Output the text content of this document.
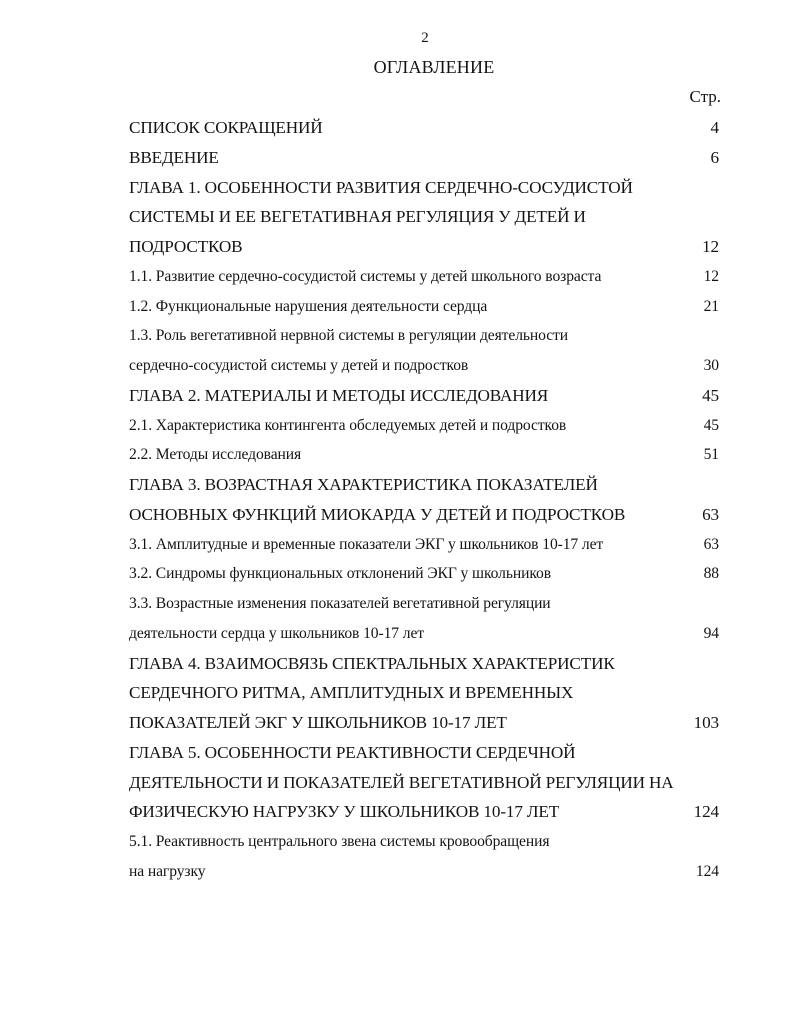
2
ОГЛАВЛЕНИЕ
Стр.
СПИСОК СОКРАЩЕНИЙ	4
ВВЕДЕНИЕ	6
ГЛАВА 1. ОСОБЕННОСТИ РАЗВИТИЯ СЕРДЕЧНО-СОСУДИСТОЙ
СИСТЕМЫ И ЕЕ ВЕГЕТАТИВНАЯ РЕГУЛЯЦИЯ У ДЕТЕЙ И
ПОДРОСТКОВ	12
1.1. Развитие сердечно-сосудистой системы у детей школьного возраста	12
1.2. Функциональные нарушения деятельности сердца	21
1.3. Роль вегетативной нервной системы в регуляции деятельности
сердечно-сосудистой системы у детей и подростков	30
ГЛАВА 2. МАТЕРИАЛЫ И МЕТОДЫ ИССЛЕДОВАНИЯ	45
2.1. Характеристика контингента обследуемых детей и подростков	45
2.2. Методы исследования	51
ГЛАВА 3. ВОЗРАСТНАЯ ХАРАКТЕРИСТИКА ПОКАЗАТЕЛЕЙ
ОСНОВНЫХ ФУНКЦИЙ МИОКАРДА У ДЕТЕЙ И ПОДРОСТКОВ	63
3.1. Амплитудные и временные показатели ЭКГ у школьников 10-17 лет	63
3.2. Синдромы функциональных отклонений ЭКГ у школьников	88
3.3. Возрастные изменения показателей вегетативной регуляции
деятельности сердца у школьников 10-17 лет	94
ГЛАВА 4. ВЗАИМОСВЯЗЬ СПЕКТРАЛЬНЫХ ХАРАКТЕРИСТИК
СЕРДЕЧНОГО РИТМА, АМПЛИТУДНЫХ И ВРЕМЕННЫХ
ПОКАЗАТЕЛЕЙ ЭКГ У ШКОЛЬНИКОВ 10-17 ЛЕТ	103
ГЛАВА 5. ОСОБЕННОСТИ РЕАКТИВНОСТИ СЕРДЕЧНОЙ
ДЕЯТЕЛЬНОСТИ И ПОКАЗАТЕЛЕЙ ВЕГЕТАТИВНОЙ РЕГУЛЯЦИИ НА
ФИЗИЧЕСКУЮ НАГРУЗКУ У ШКОЛЬНИКОВ 10-17 ЛЕТ	124
5.1. Реактивность центрального звена системы кровообращения
на нагрузку	124
